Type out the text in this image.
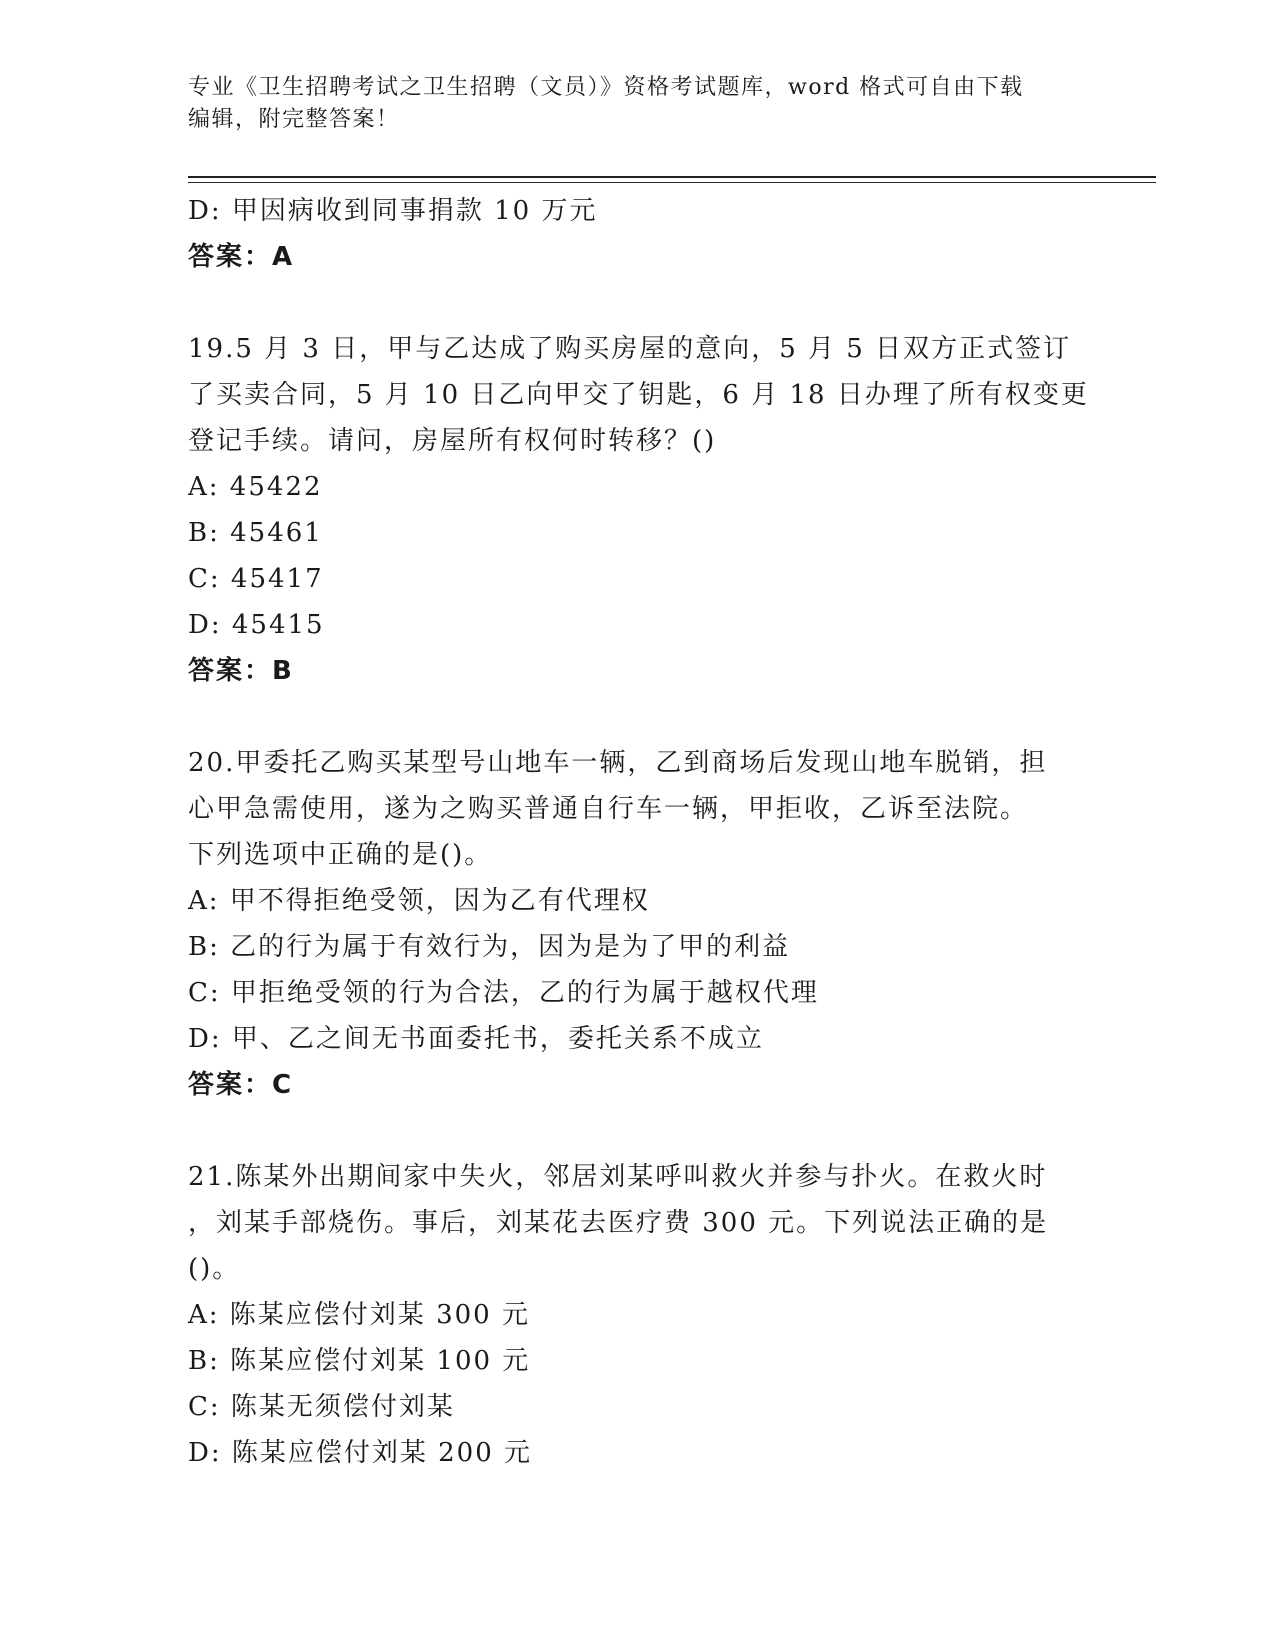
专业《卫生招聘考试之卫生招聘（文员）》资格考试题库，word 格式可自由下载
编辑，附完整答案！
D: 甲因病收到同事捐款 10 万元
答案：A
19.5 月 3 日，甲与乙达成了购买房屋的意向，5 月 5 日双方正式签订
了买卖合同，5 月 10 日乙向甲交了钥匙，6 月 18 日办理了所有权变更
登记手续。请问，房屋所有权何时转移？()
A: 45422
B: 45461
C: 45417
D: 45415
答案：B
20.甲委托乙购买某型号山地车一辆，乙到商场后发现山地车脱销，担
心甲急需使用，遂为之购买普通自行车一辆，甲拒收，乙诉至法院。
下列选项中正确的是()。
A: 甲不得拒绝受领，因为乙有代理权
B: 乙的行为属于有效行为，因为是为了甲的利益
C: 甲拒绝受领的行为合法，乙的行为属于越权代理
D: 甲、乙之间无书面委托书，委托关系不成立
答案：C
21.陈某外出期间家中失火，邻居刘某呼叫救火并参与扑火。在救火时
，刘某手部烧伤。事后，刘某花去医疗费 300 元。下列说法正确的是
()。
A: 陈某应偿付刘某 300 元
B: 陈某应偿付刘某 100 元
C: 陈某无须偿付刘某
D: 陈某应偿付刘某 200 元
